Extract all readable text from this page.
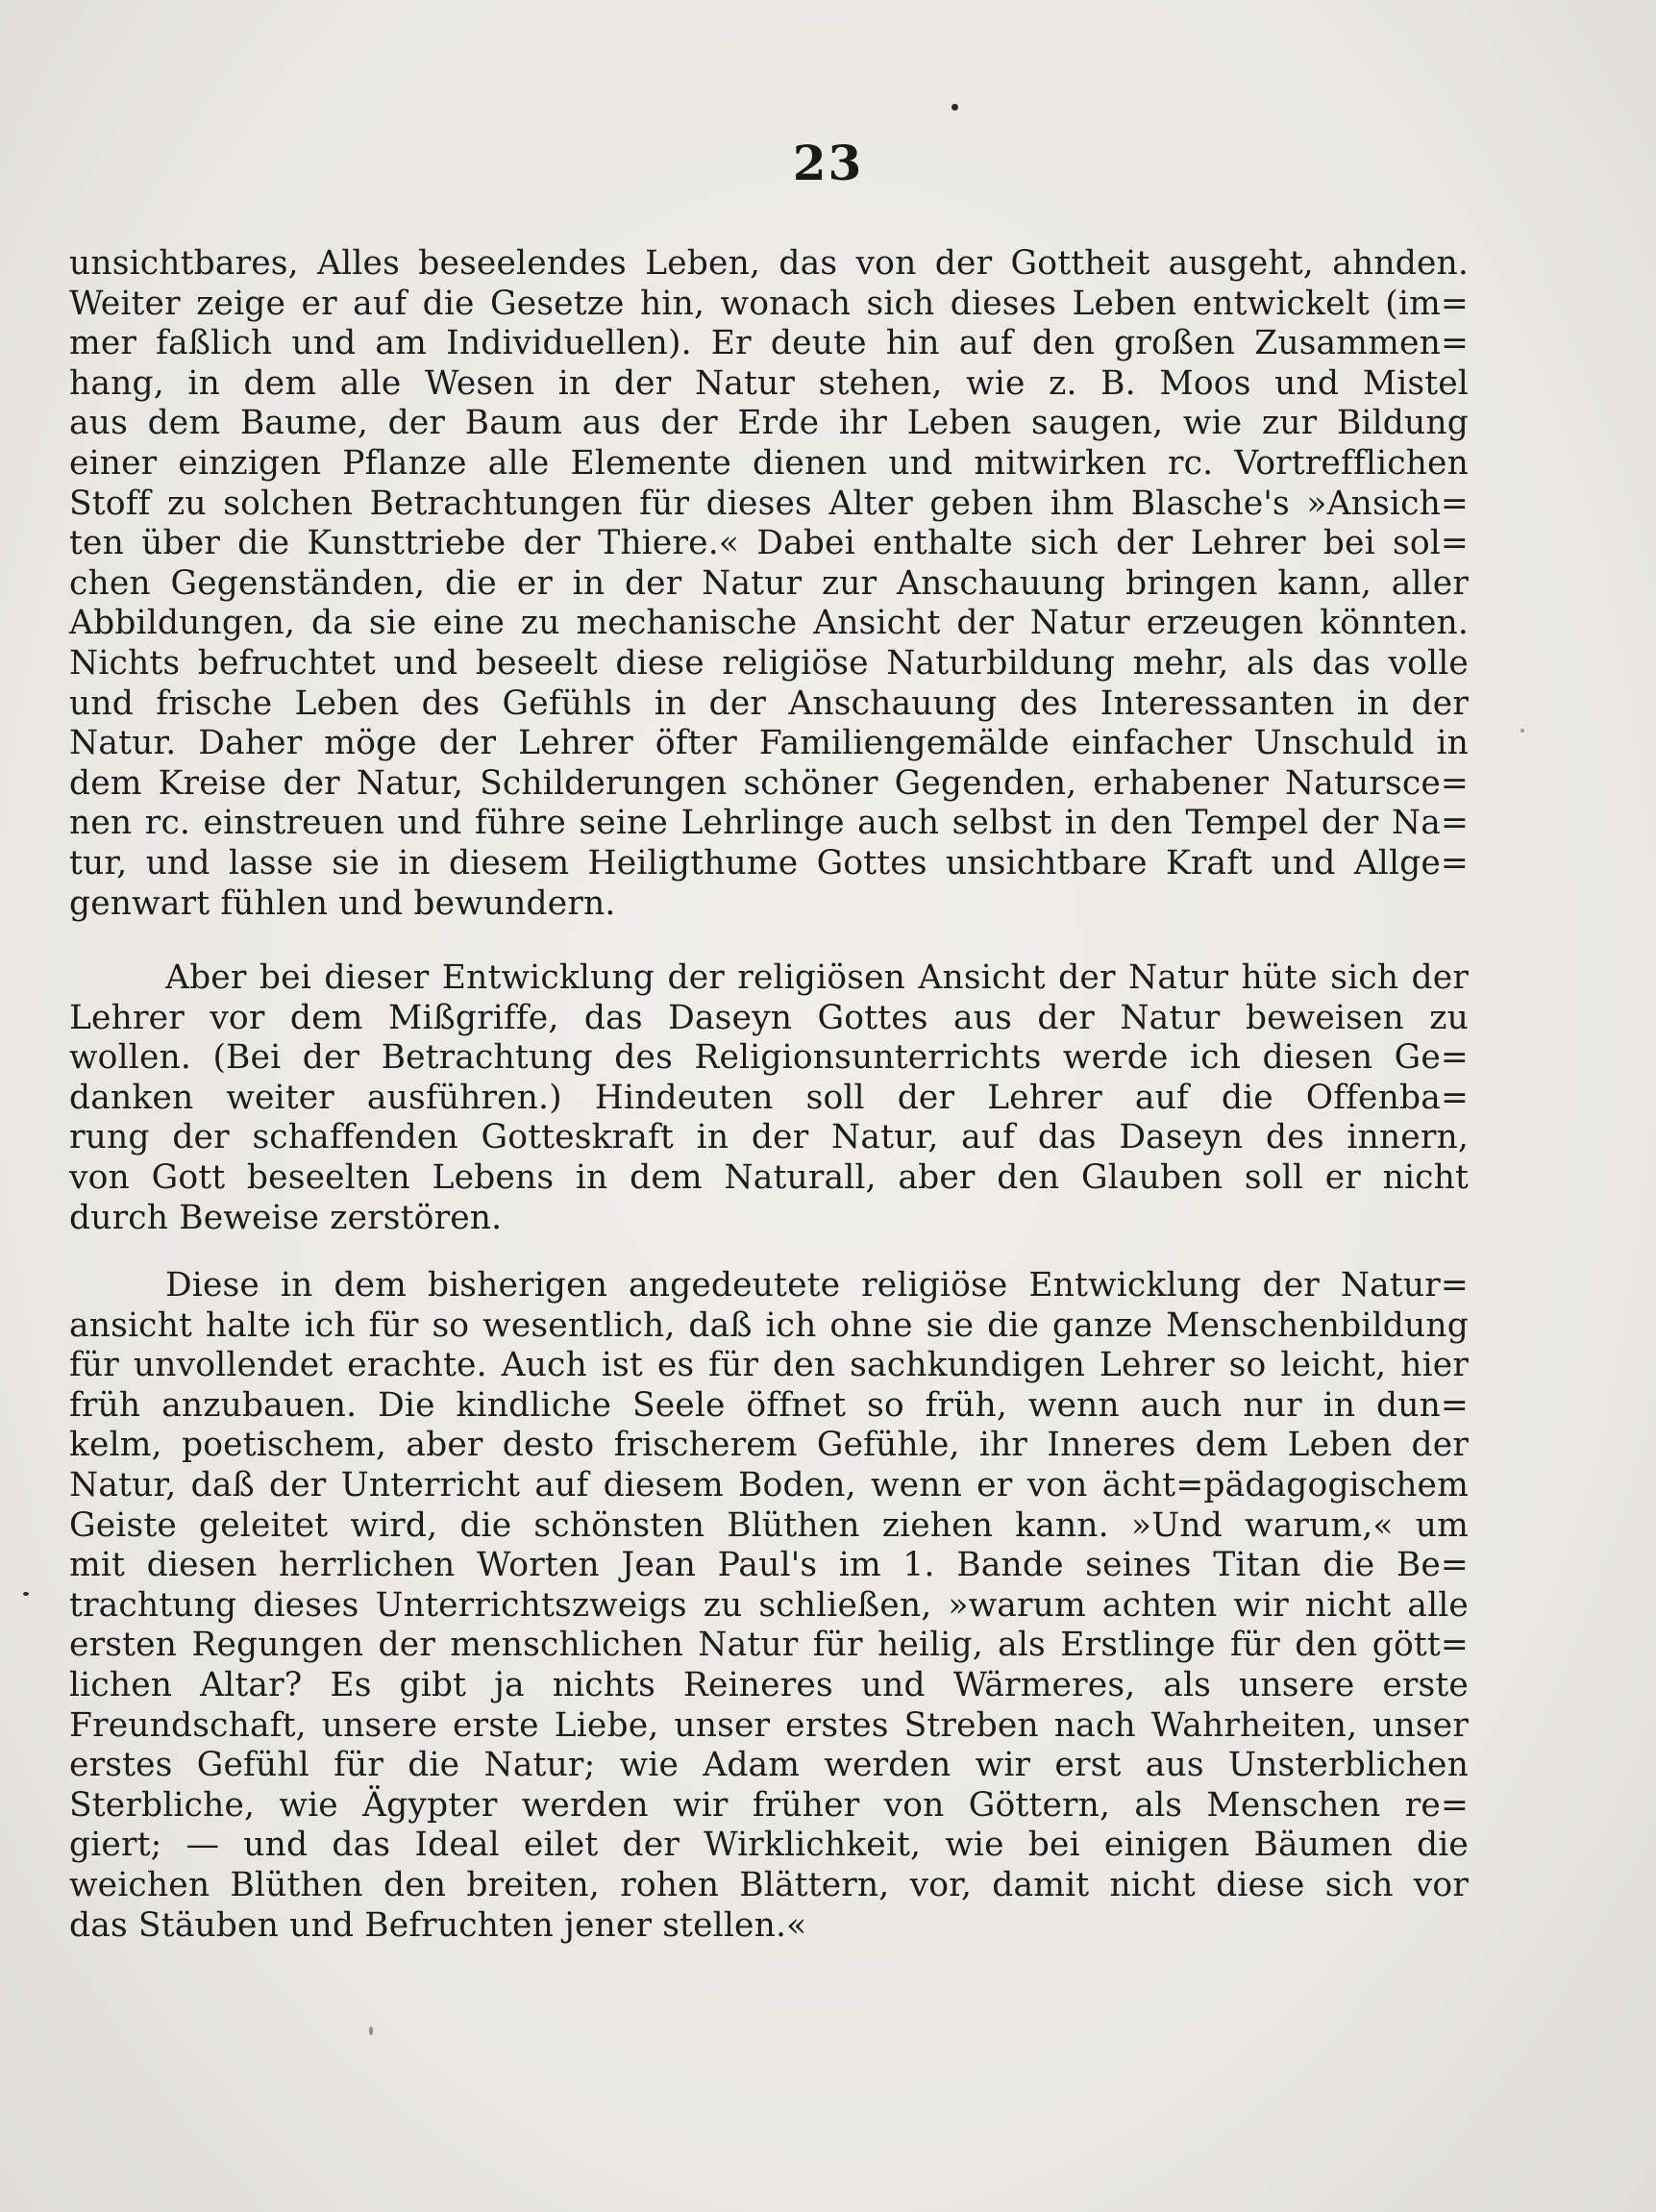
23
unsichtbares, Alles beseelendes Leben, das von der Gottheit ausgeht, ahnden.
Weiter zeige er auf die Gesetze hin, wonach sich dieses Leben entwickelt (im=
mer faßlich und am Individuellen). Er deute hin auf den großen Zusammen=
hang, in dem alle Wesen in der Natur stehen, wie z. B. Moos und Mistel
aus dem Baume, der Baum aus der Erde ihr Leben saugen, wie zur Bildung
einer einzigen Pflanze alle Elemente dienen und mitwirken rc. Vortrefflichen
Stoff zu solchen Betrachtungen für dieses Alter geben ihm Blasche's »Ansich=
ten über die Kunsttriebe der Thiere.« Dabei enthalte sich der Lehrer bei sol=
chen Gegenständen, die er in der Natur zur Anschauung bringen kann, aller
Abbildungen, da sie eine zu mechanische Ansicht der Natur erzeugen könnten.
Nichts befruchtet und beseelt diese religiöse Naturbildung mehr, als das volle
und frische Leben des Gefühls in der Anschauung des Interessanten in der
Natur. Daher möge der Lehrer öfter Familiengemälde einfacher Unschuld in
dem Kreise der Natur, Schilderungen schöner Gegenden, erhabener Natursce=
nen rc. einstreuen und führe seine Lehrlinge auch selbst in den Tempel der Na=
tur, und lasse sie in diesem Heiligthume Gottes unsichtbare Kraft und Allge=
genwart fühlen und bewundern.
Aber bei dieser Entwicklung der religiösen Ansicht der Natur hüte sich der
Lehrer vor dem Mißgriffe, das Daseyn Gottes aus der Natur beweisen zu
wollen. (Bei der Betrachtung des Religionsunterrichts werde ich diesen Ge=
danken weiter ausführen.) Hindeuten soll der Lehrer auf die Offenba=
rung der schaffenden Gotteskraft in der Natur, auf das Daseyn des innern,
von Gott beseelten Lebens in dem Naturall, aber den Glauben soll er nicht
durch Beweise zerstören.
Diese in dem bisherigen angedeutete religiöse Entwicklung der Natur=
ansicht halte ich für so wesentlich, daß ich ohne sie die ganze Menschenbildung
für unvollendet erachte. Auch ist es für den sachkundigen Lehrer so leicht, hier
früh anzubauen. Die kindliche Seele öffnet so früh, wenn auch nur in dun=
kelm, poetischem, aber desto frischerem Gefühle, ihr Inneres dem Leben der
Natur, daß der Unterricht auf diesem Boden, wenn er von ächt=pädagogischem
Geiste geleitet wird, die schönsten Blüthen ziehen kann. »Und warum,« um
mit diesen herrlichen Worten Jean Paul's im 1. Bande seines Titan die Be=
trachtung dieses Unterrichtszweigs zu schließen, »warum achten wir nicht alle
ersten Regungen der menschlichen Natur für heilig, als Erstlinge für den gött=
lichen Altar? Es gibt ja nichts Reineres und Wärmeres, als unsere erste
Freundschaft, unsere erste Liebe, unser erstes Streben nach Wahrheiten, unser
erstes Gefühl für die Natur; wie Adam werden wir erst aus Unsterblichen
Sterbliche, wie Ägypter werden wir früher von Göttern, als Menschen re=
giert; — und das Ideal eilet der Wirklichkeit, wie bei einigen Bäumen die
weichen Blüthen den breiten, rohen Blättern, vor, damit nicht diese sich vor
das Stäuben und Befruchten jener stellen.«
